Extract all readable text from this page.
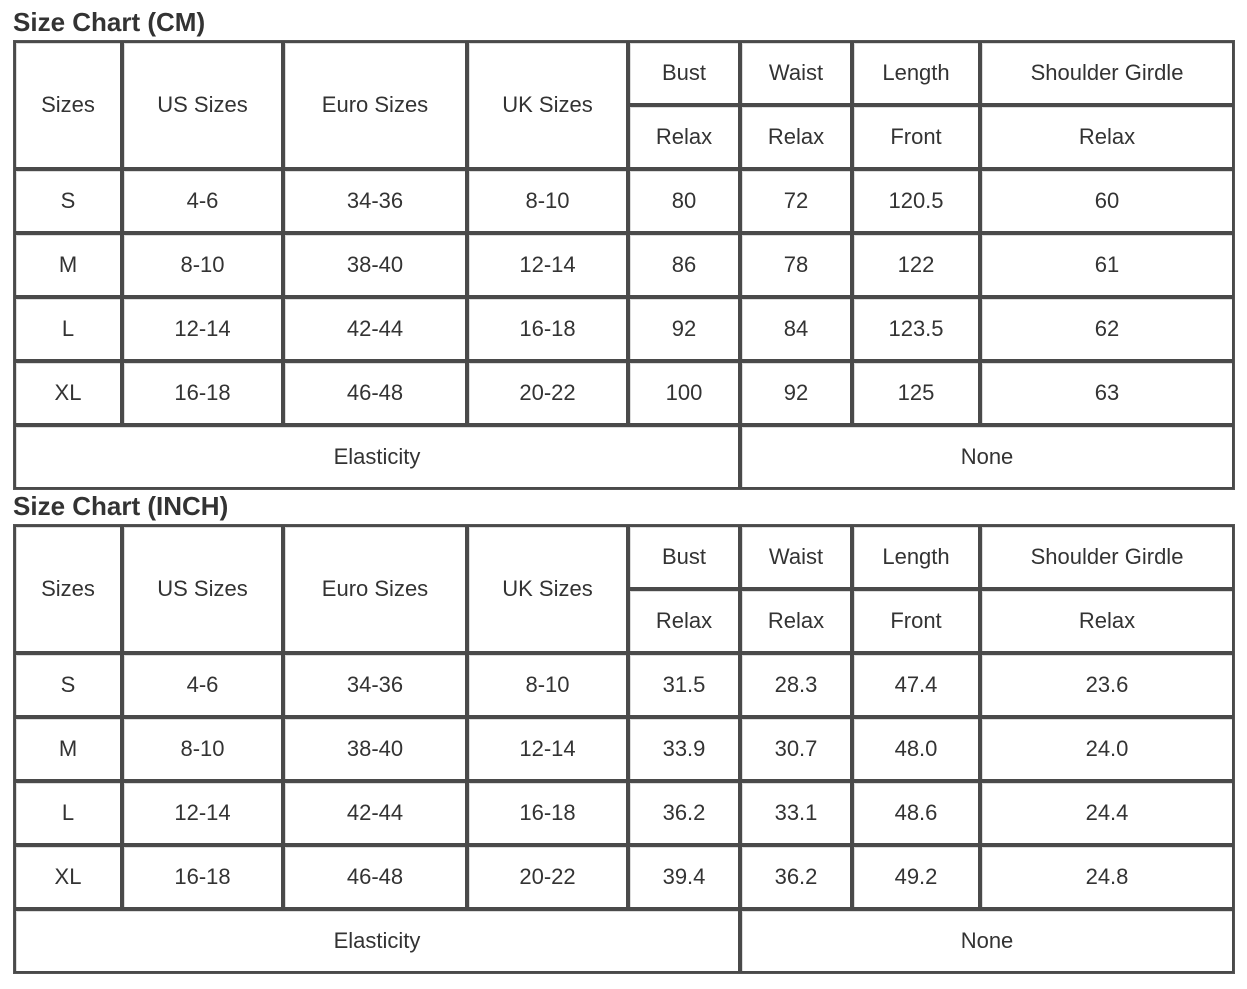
Size Chart (CM)
Sizes	US Sizes	Euro Sizes	UK Sizes	Bust	Waist	Length	Shoulder Girdle
				Relax	Relax	Front	Relax
S	4-6	34-36	8-10	80	72	120.5	60
M	8-10	38-40	12-14	86	78	122	61
L	12-14	42-44	16-18	92	84	123.5	62
XL	16-18	46-48	20-22	100	92	125	63
Elasticity					None		
Size Chart (INCH)
Sizes	US Sizes	Euro Sizes	UK Sizes	Bust	Waist	Length	Shoulder Girdle
				Relax	Relax	Front	Relax
S	4-6	34-36	8-10	31.5	28.3	47.4	23.6
M	8-10	38-40	12-14	33.9	30.7	48.0	24.0
L	12-14	42-44	16-18	36.2	33.1	48.6	24.4
XL	16-18	46-48	20-22	39.4	36.2	49.2	24.8
Elasticity					None		
